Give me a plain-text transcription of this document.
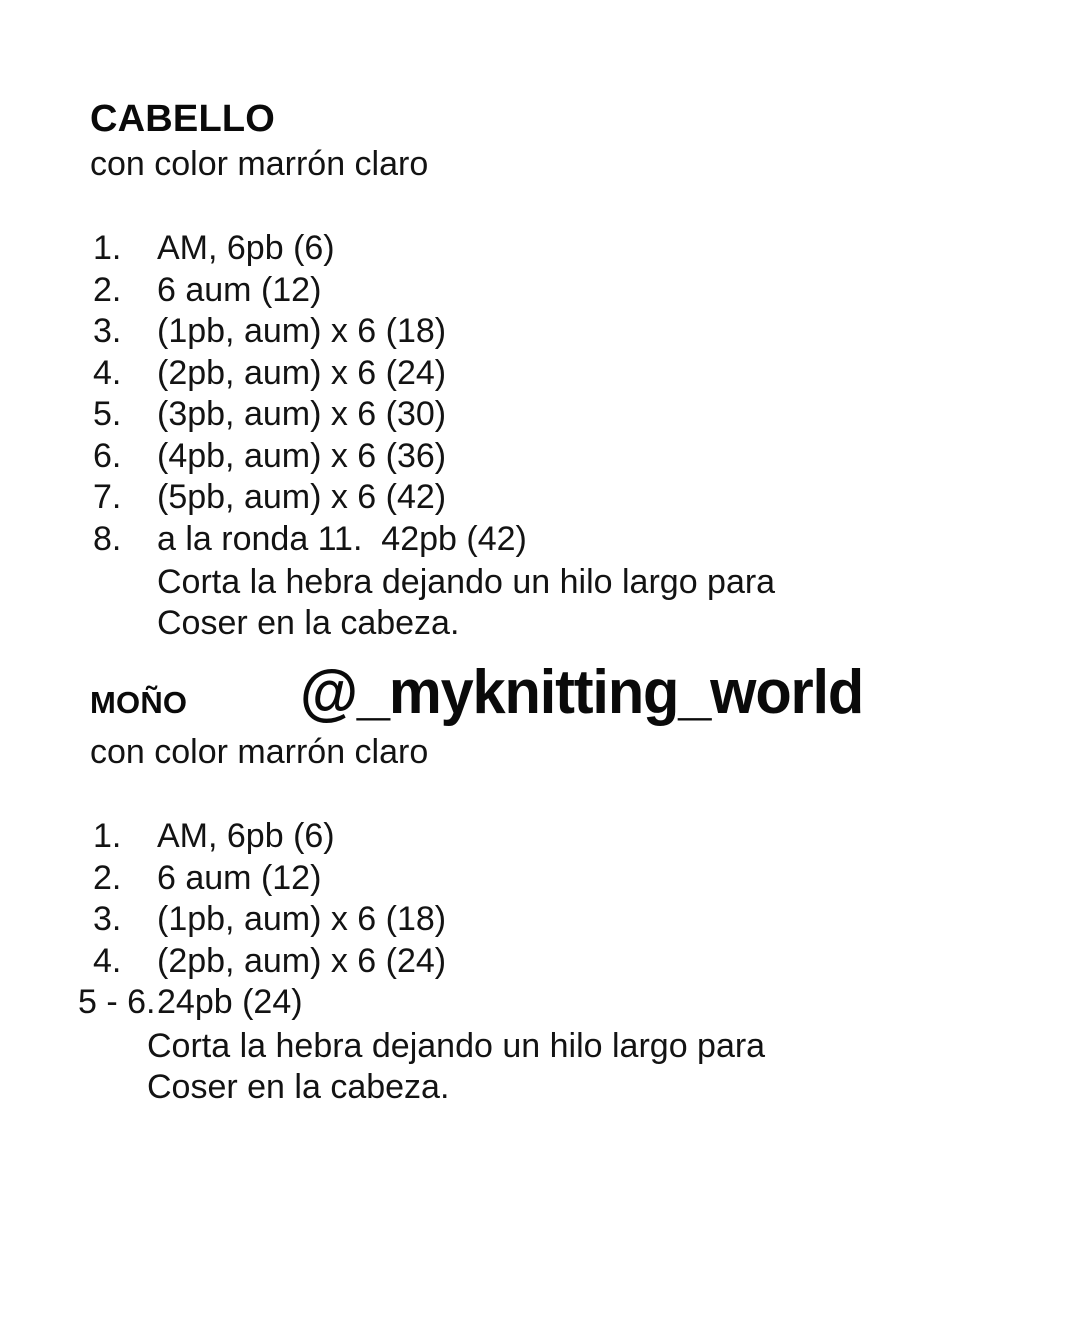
CABELLO
con color marrón claro
1.	AM, 6pb (6)
2.	6 aum (12)
3.	(1pb, aum) x 6 (18)
4.	(2pb, aum) x 6 (24)
5.	(3pb, aum) x 6 (30)
6.	(4pb, aum) x 6 (36)
7.	(5pb, aum) x 6 (42)
8.	a la ronda 11.  42pb (42)
Corta la hebra dejando un hilo largo para
Coser en la cabeza.
@_myknitting_world
MOÑO
con color marrón claro
1.	AM, 6pb (6)
2.	6 aum (12)
3.	(1pb, aum) x 6 (18)
4.	(2pb, aum) x 6 (24)
5 - 6. 24pb (24)
Corta la hebra dejando un hilo largo para
Coser en la cabeza.
